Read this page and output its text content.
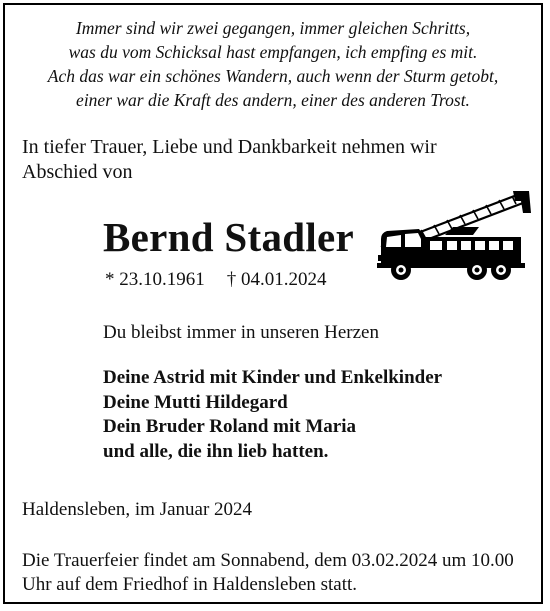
Immer sind wir zwei gegangen, immer gleichen Schritts,
was du vom Schicksal hast empfangen, ich empfing es mit.
Ach das war ein schönes Wandern, auch wenn der Sturm getobt,
einer war die Kraft des andern, einer des anderen Trost.
In tiefer Trauer, Liebe und Dankbarkeit nehmen wir Abschied von
Bernd Stadler
* 23.10.1961 † 04.01.2024
Du bleibst immer in unseren Herzen
Deine Astrid mit Kinder und Enkelkinder
Deine Mutti Hildegard
Dein Bruder Roland mit Maria
und alle, die ihn lieb hatten.
Haldensleben, im Januar 2024
Die Trauerfeier findet am Sonnabend, dem 03.02.2024 um 10.00 Uhr auf dem Friedhof in Haldensleben statt.
